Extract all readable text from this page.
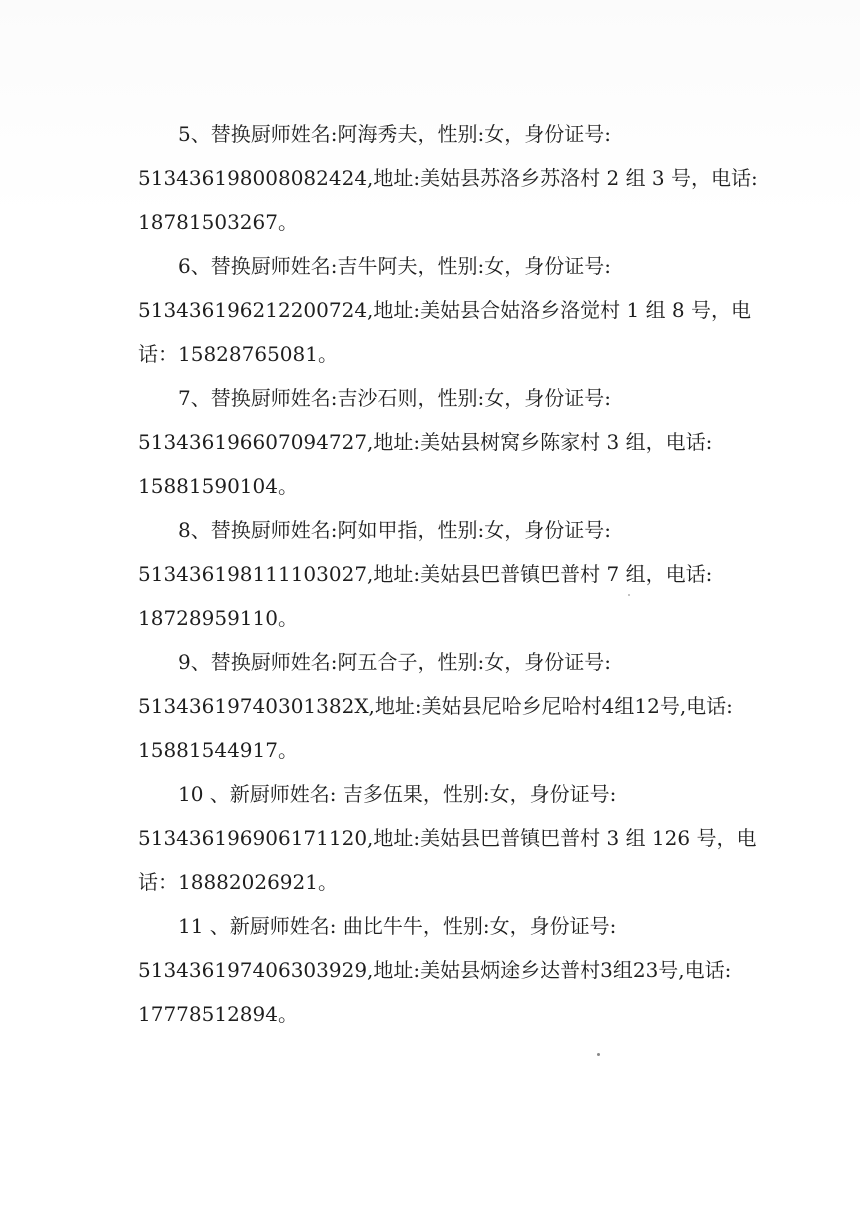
5、替换厨师姓名:阿海秀夫，性别:女，身份证号:
513436198008082424,地址:美姑县苏洛乡苏洛村 2 组 3 号，电话:
18781503267。
6、替换厨师姓名:吉牛阿夫，性别:女，身份证号:
513436196212200724,地址:美姑县合姑洛乡洛觉村 1 组 8 号，电
话：15828765081。
7、替换厨师姓名:吉沙石则，性别:女，身份证号:
513436196607094727,地址:美姑县树窝乡陈家村 3 组，电话:
15881590104。
8、替换厨师姓名:阿如甲指，性别:女，身份证号:
513436198111103027,地址:美姑县巴普镇巴普村 7 组，电话:
18728959110。
9、替换厨师姓名:阿五合子，性别:女，身份证号:
51343619740301382X,地址:美姑县尼哈乡尼哈村4组12号,电话:
15881544917。
10 、新厨师姓名: 吉多伍果，性别:女，身份证号:
513436196906171120,地址:美姑县巴普镇巴普村 3 组 126 号，电
话：18882026921。
11 、新厨师姓名: 曲比牛牛，性别:女，身份证号:
513436197406303929,地址:美姑县炳途乡达普村3组23号,电话:
17778512894。
